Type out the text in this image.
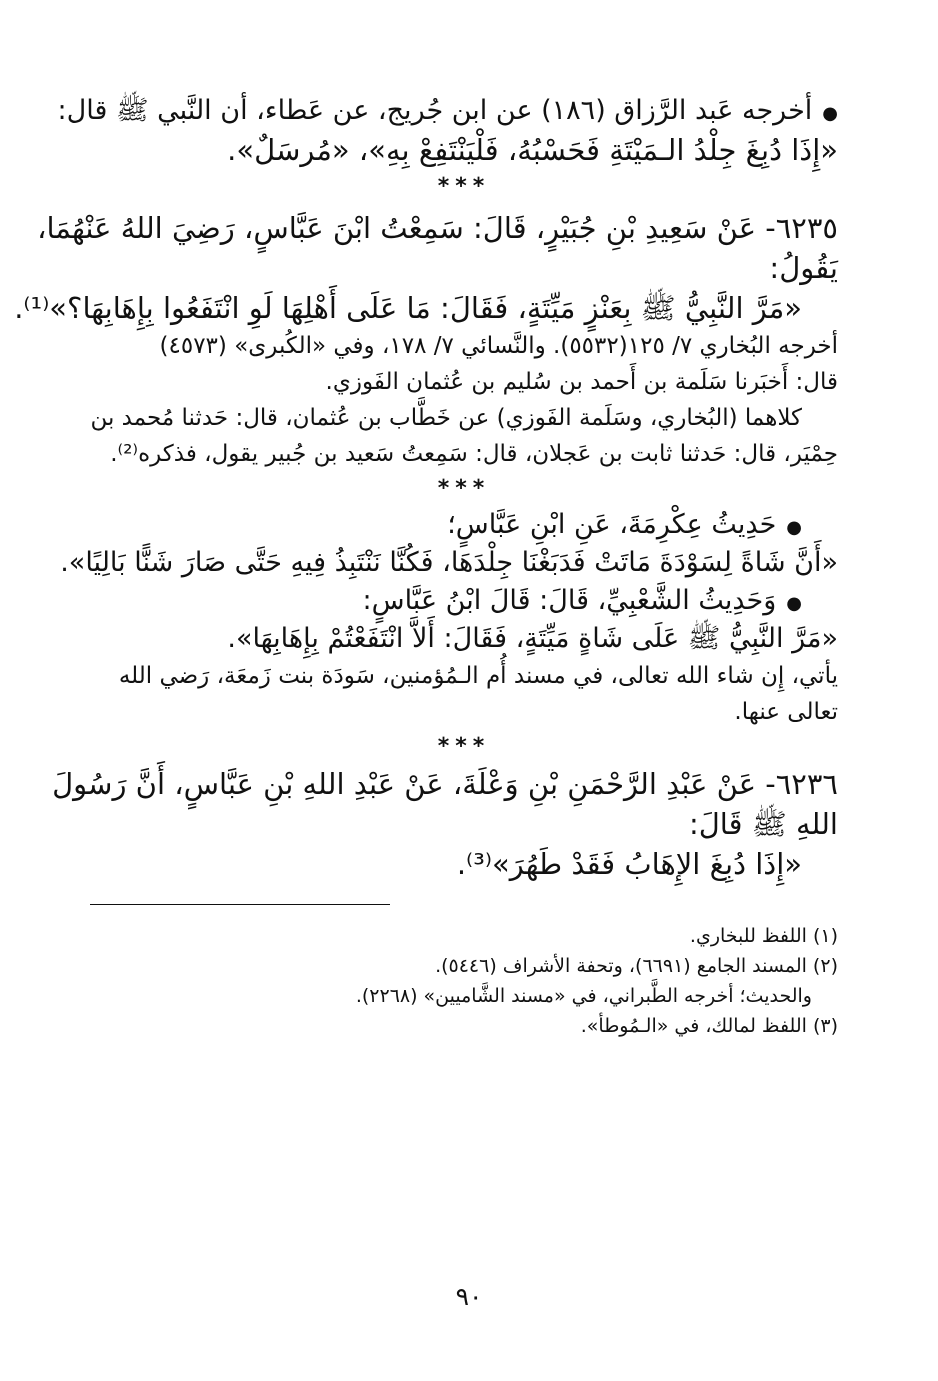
●
أخرجه عَبد الرَّزاق (١٨٦) عن ابن جُريج، عن عَطاء، أن النَّبي ﷺ قال:
«إِذَا دُبِغَ جِلْدُ الـمَيْتَةِ فَحَسْبُهُ، فَلْيَنْتَفِعْ بِهِ»، «مُرسَلٌ».
***
٦٢٣٥- عَنْ سَعِيدِ بْنِ جُبَيْرٍ، قَالَ: سَمِعْتُ ابْنَ عَبَّاسٍ، رَضِيَ اللهُ عَنْهُمَا،
يَقُولُ:
«مَرَّ النَّبِيُّ ﷺ بِعَنْزٍ مَيِّتَةٍ، فَقَالَ: مَا عَلَى أَهْلِهَا لَوِ انْتَفَعُوا بِإِهَابِهَا؟»⁽¹⁾.
أخرجه البُخاري ٧/ ١٢٥(٥٥٣٢). والنَّسائي ٧/ ١٧٨، وفي «الكُبرى» (٤٥٧٣)
قال: أَخبَرنا سَلَمة بن أَحمد بن سُليم بن عُثمان الفَوزي.
كلاهما (البُخاري، وسَلَمة الفَوزي) عن خَطَّاب بن عُثمان، قال: حَدثنا مُحمد بن
حِمْيَر، قال: حَدثنا ثابت بن عَجلان، قال: سَمِعتُ سَعيد بن جُبير يقول، فذكره⁽²⁾.
***
●
حَدِيثُ عِكْرِمَةَ، عَنِ ابْنِ عَبَّاسٍ؛
«أَنَّ شَاةً لِسَوْدَةَ مَاتَتْ فَدَبَغْنَا جِلْدَهَا، فَكُنَّا نَنْتَبِذُ فِيهِ حَتَّى صَارَ شَنًّا بَالِيًا».
●
وَحَدِيثُ الشَّعْبِيِّ، قَالَ: قَالَ ابْنُ عَبَّاسٍ:
«مَرَّ النَّبِيُّ ﷺ عَلَى شَاةٍ مَيِّتَةٍ، فَقَالَ: أَلاَّ انْتَفَعْتُمْ بِإِهَابِهَا».
يأتي، إِن شاء الله تعالى، في مسند أُم الـمُؤمنين، سَودَة بنت زَمعَة، رَضي الله
تعالى عنها.
***
٦٢٣٦- عَنْ عَبْدِ الرَّحْمَنِ بْنِ وَعْلَةَ، عَنْ عَبْدِ اللهِ بْنِ عَبَّاسٍ، أَنَّ رَسُولَ
اللهِ ﷺ قَالَ:
«إِذَا دُبِغَ الإِهَابُ فَقَدْ طَهُرَ»⁽³⁾.
(١) اللفظ للبخاري.
(٢) المسند الجامع (٦٦٩١)، وتحفة الأشراف (٥٤٤٦).
والحديث؛ أخرجه الطَّبراني، في «مسند الشَّاميين» (٢٢٦٨).
(٣) اللفظ لمالك، في «الـمُوطأ».
٩٠
